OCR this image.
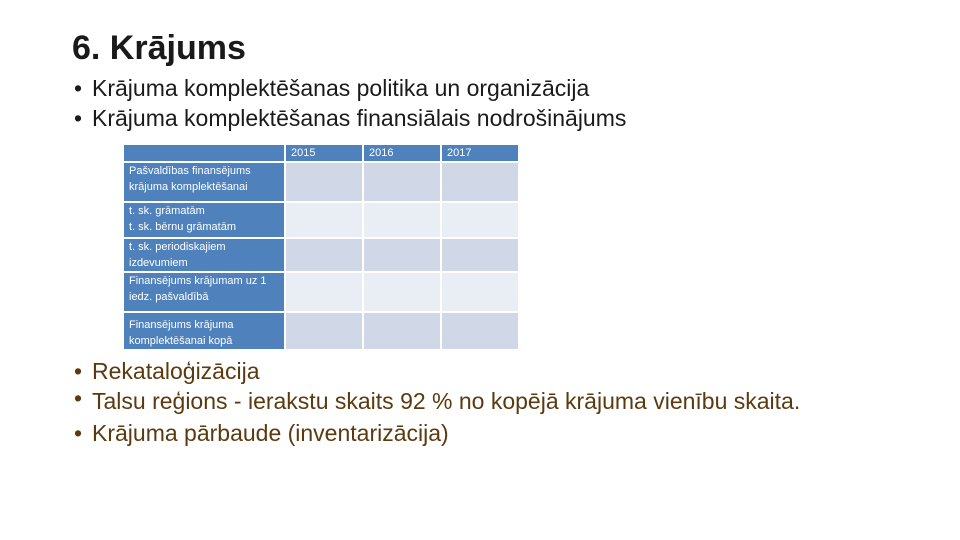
6. Krājums
• Krājuma komplektēšanas politika un organizācija
• Krājuma komplektēšanas finansiālais nodrošinājums
	2015	2016	2017
Pašvaldības finansējums krājuma komplektēšanai			
t. sk. grāmatām
t. sk. bērnu grāmatām			
t. sk. periodiskajiem izdevumiem			
Finansējums krājumam uz 1 iedz. pašvaldībā			
Finansējums krājuma komplektēšanai kopā			
• Rekataloģizācija
• Talsu reģions - ierakstu skaits 92 % no kopējā krājuma vienību skaita.
• Krājuma pārbaude (inventarizācija)
